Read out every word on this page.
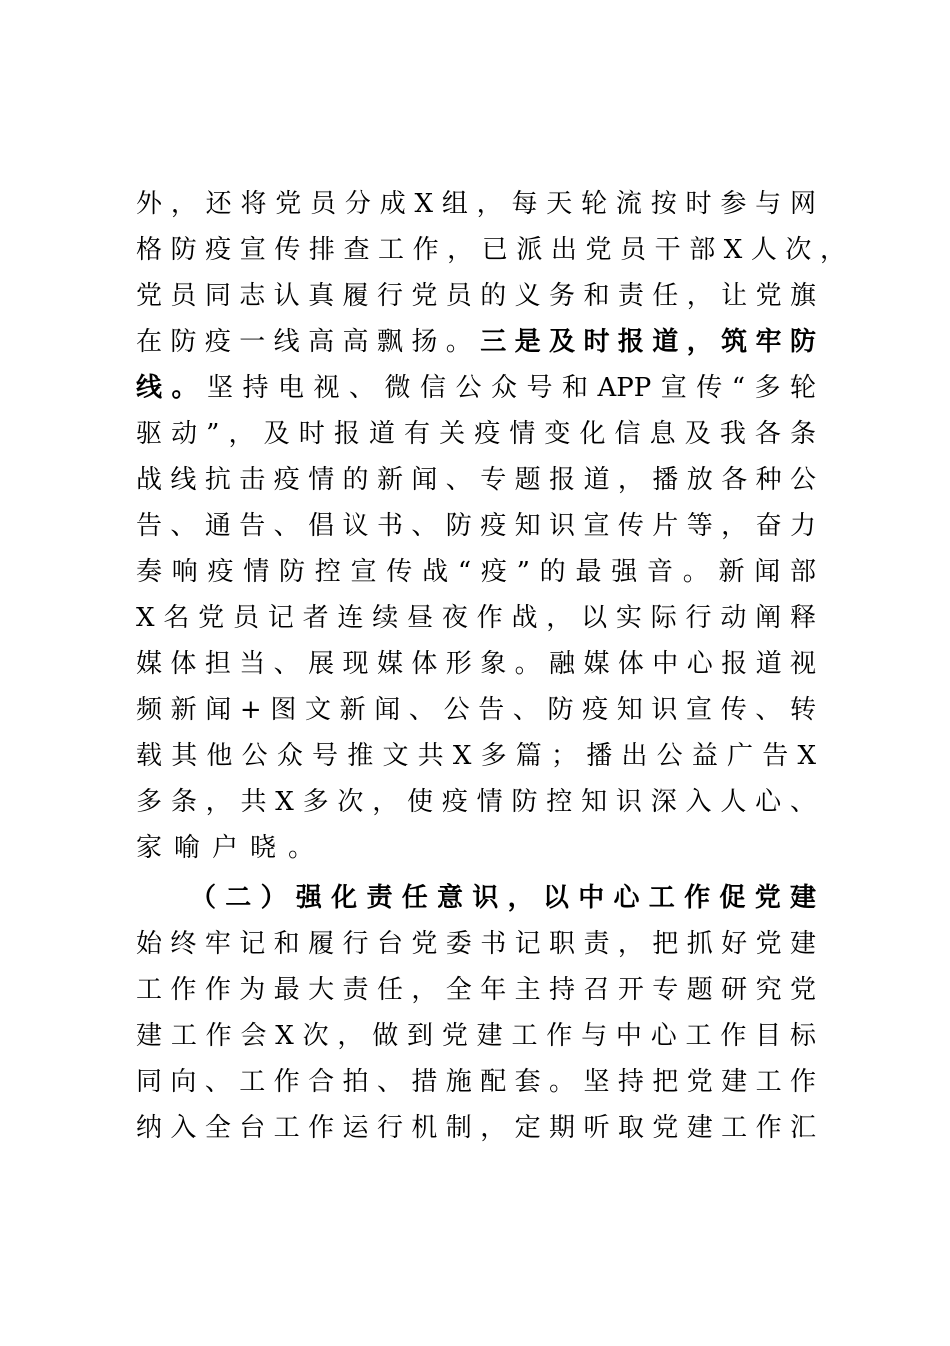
外，还将党员分成X组，每天轮流按时参与网
格防疫宣传排查工作，已派出党员干部X人次，
党员同志认真履行党员的义务和责任，让党旗
在防疫一线高高飘扬。三是及时报道，筑牢防
线。坚持电视、微信公众号和APP宣传“多轮
驱动”，及时报道有关疫情变化信息及我各条
战线抗击疫情的新闻、专题报道，播放各种公
告、通告、倡议书、防疫知识宣传片等，奋力
奏响疫情防控宣传战“疫”的最强音。新闻部
X名党员记者连续昼夜作战，以实际行动阐释
媒体担当、展现媒体形象。融媒体中心报道视
频新闻+图文新闻、公告、防疫知识宣传、转
载其他公众号推文共X多篇；播出公益广告X
多条，共X多次，使疫情防控知识深入人心、
家喻户晓。
（二）强化责任意识，以中心工作促党建
始终牢记和履行台党委书记职责，把抓好党建
工作作为最大责任，全年主持召开专题研究党
建工作会X次，做到党建工作与中心工作目标
同向、工作合拍、措施配套。坚持把党建工作
纳入全台工作运行机制，定期听取党建工作汇
